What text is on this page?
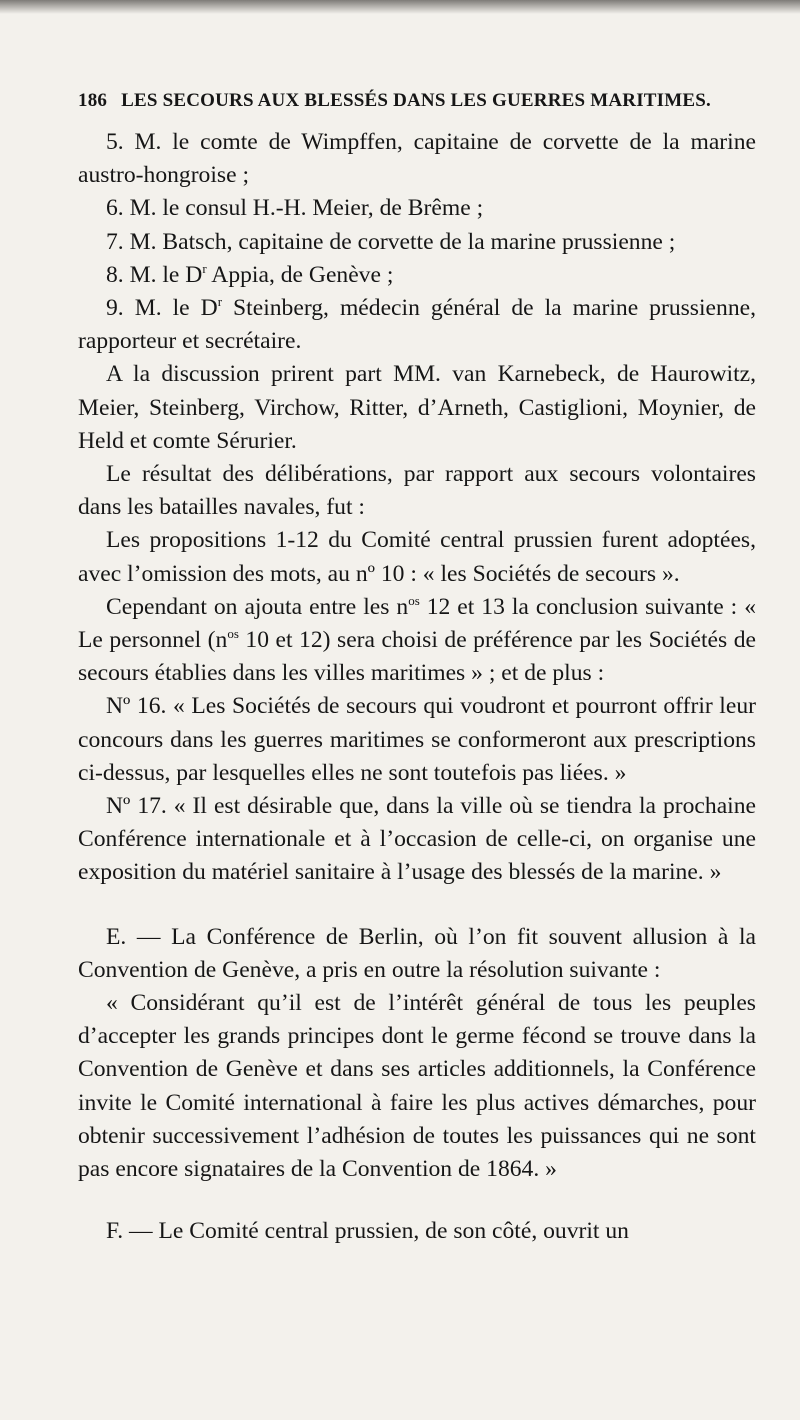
186 LES SECOURS AUX BLESSÉS DANS LES GUERRES MARITIMES.

5. M. le comte de Wimpffen, capitaine de corvette de la marine austro-hongroise ;

6. M. le consul H.-H. Meier, de Brême ;

7. M. Batsch, capitaine de corvette de la marine prussienne ;

8. M. le $D^r$ Appia, de Genève ;

9. M. le $D^r$ Steinberg, médecin général de la marine prussienne, rapporteur et secrétaire.

A la discussion prirent part MM. van Karnebeck, de Haurowitz, Meier, Steinberg, Virchow, Ritter, d’Arneth, Castiglioni, Moynier, de Held et comte Sérurier.

Le résultat des délibérations, par rapport aux secours volontaires dans les batailles navales, fut :

Les propositions 1-12 du Comité central prussien furent adoptées, avec l’omission des mots, au nº 10 : « les Sociétés de secours ».

Cependant on ajouta entre les $n^{os}$ 12 et 13 la conclusion suivante : « Le personnel ($n^{os}$ 10 et 12) sera choisi de préférence par les Sociétés de secours établies dans les villes maritimes » ; et de plus :

Nº 16. « Les Sociétés de secours qui voudront et pourront offrir leur concours dans les guerres maritimes se conformeront aux prescriptions ci-dessus, par lesquelles elles ne sont toutefois pas liées. »

Nº 17. « Il est désirable que, dans la ville où se tiendra la prochaine Conférence internationale et à l’occasion de celle-ci, on organise une exposition du matériel sanitaire à l’usage des blessés de la marine. »

E. — La Conférence de Berlin, où l’on fit souvent allusion à la Convention de Genève, a pris en outre la résolution suivante :

« Considérant qu’il est de l’intérêt général de tous les peuples d’accepter les grands principes dont le germe fécond se trouve dans la Convention de Genève et dans ses articles additionnels, la Conférence invite le Comité international à faire les plus actives démarches, pour obtenir successivement l’adhésion de toutes les puissances qui ne sont pas encore signataires de la Convention de 1864. »

F. — Le Comité central prussien, de son côté, ouvrit un
